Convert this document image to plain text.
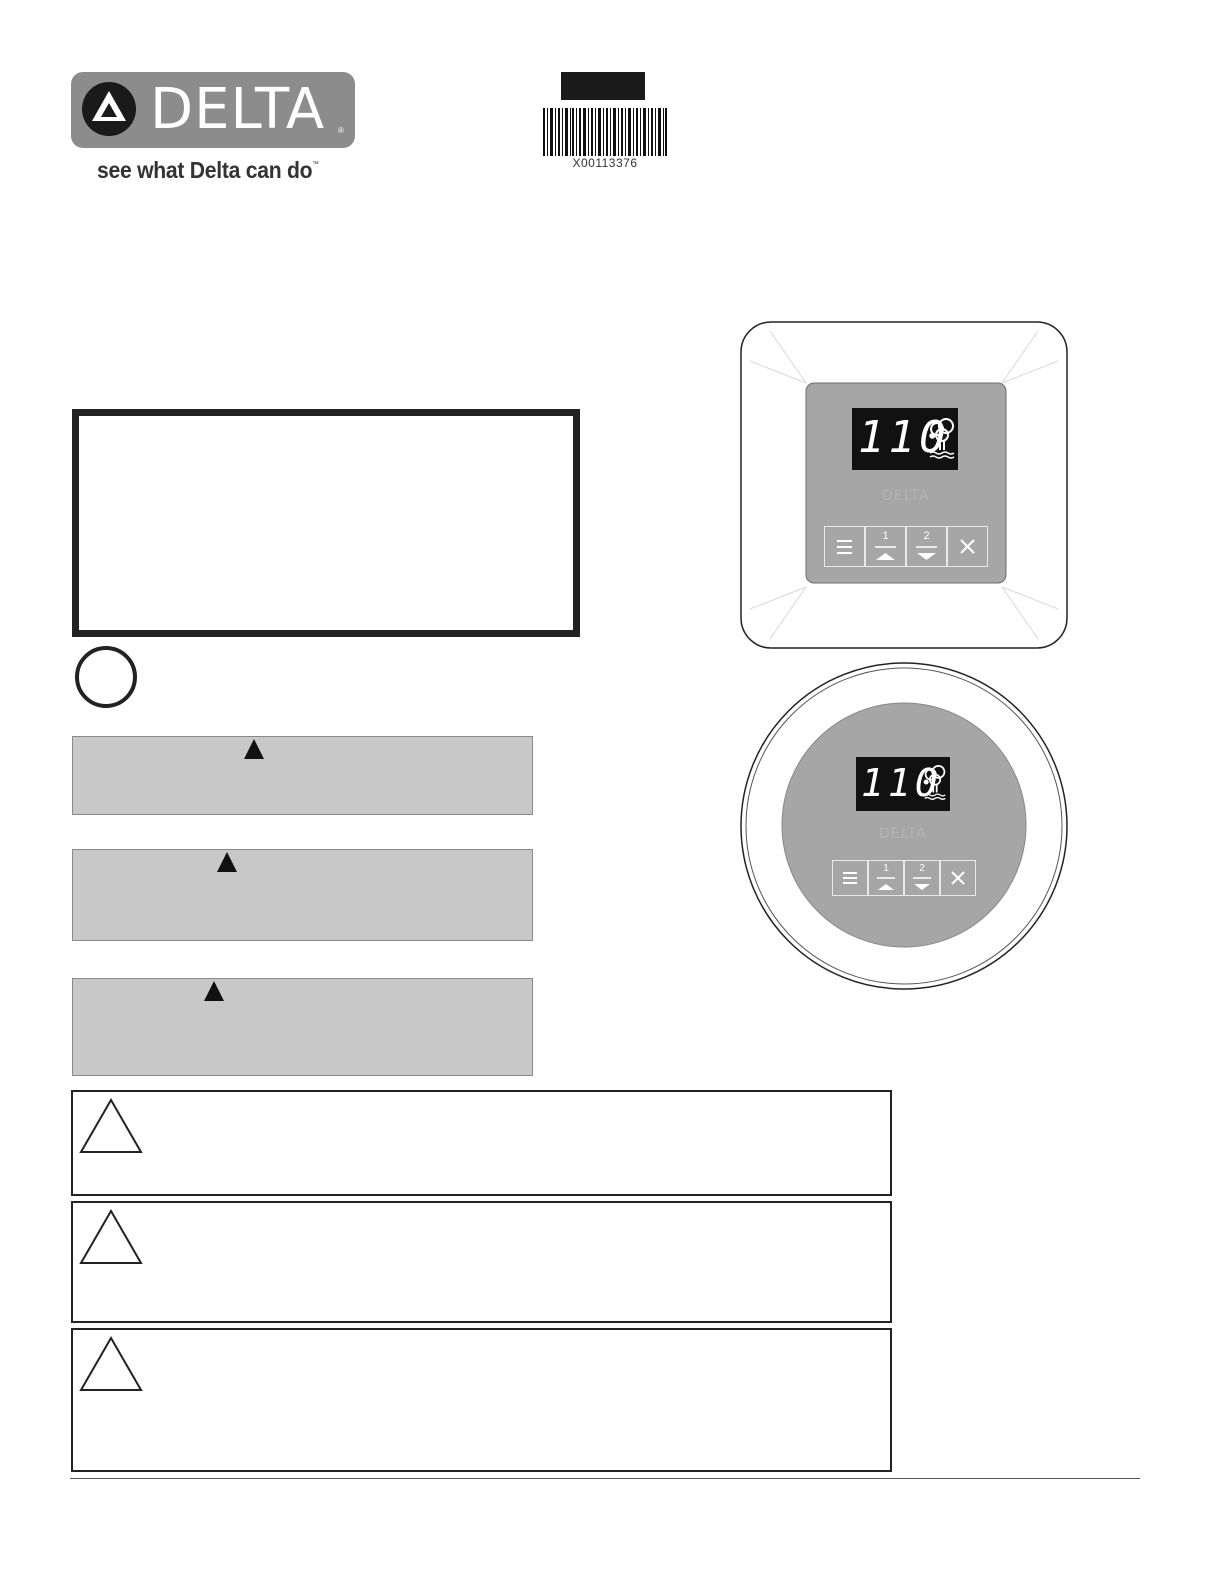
DELTA ®
see what Delta can do™	X00113376
110
DELTA
1	2
110
DELTA
1	2
